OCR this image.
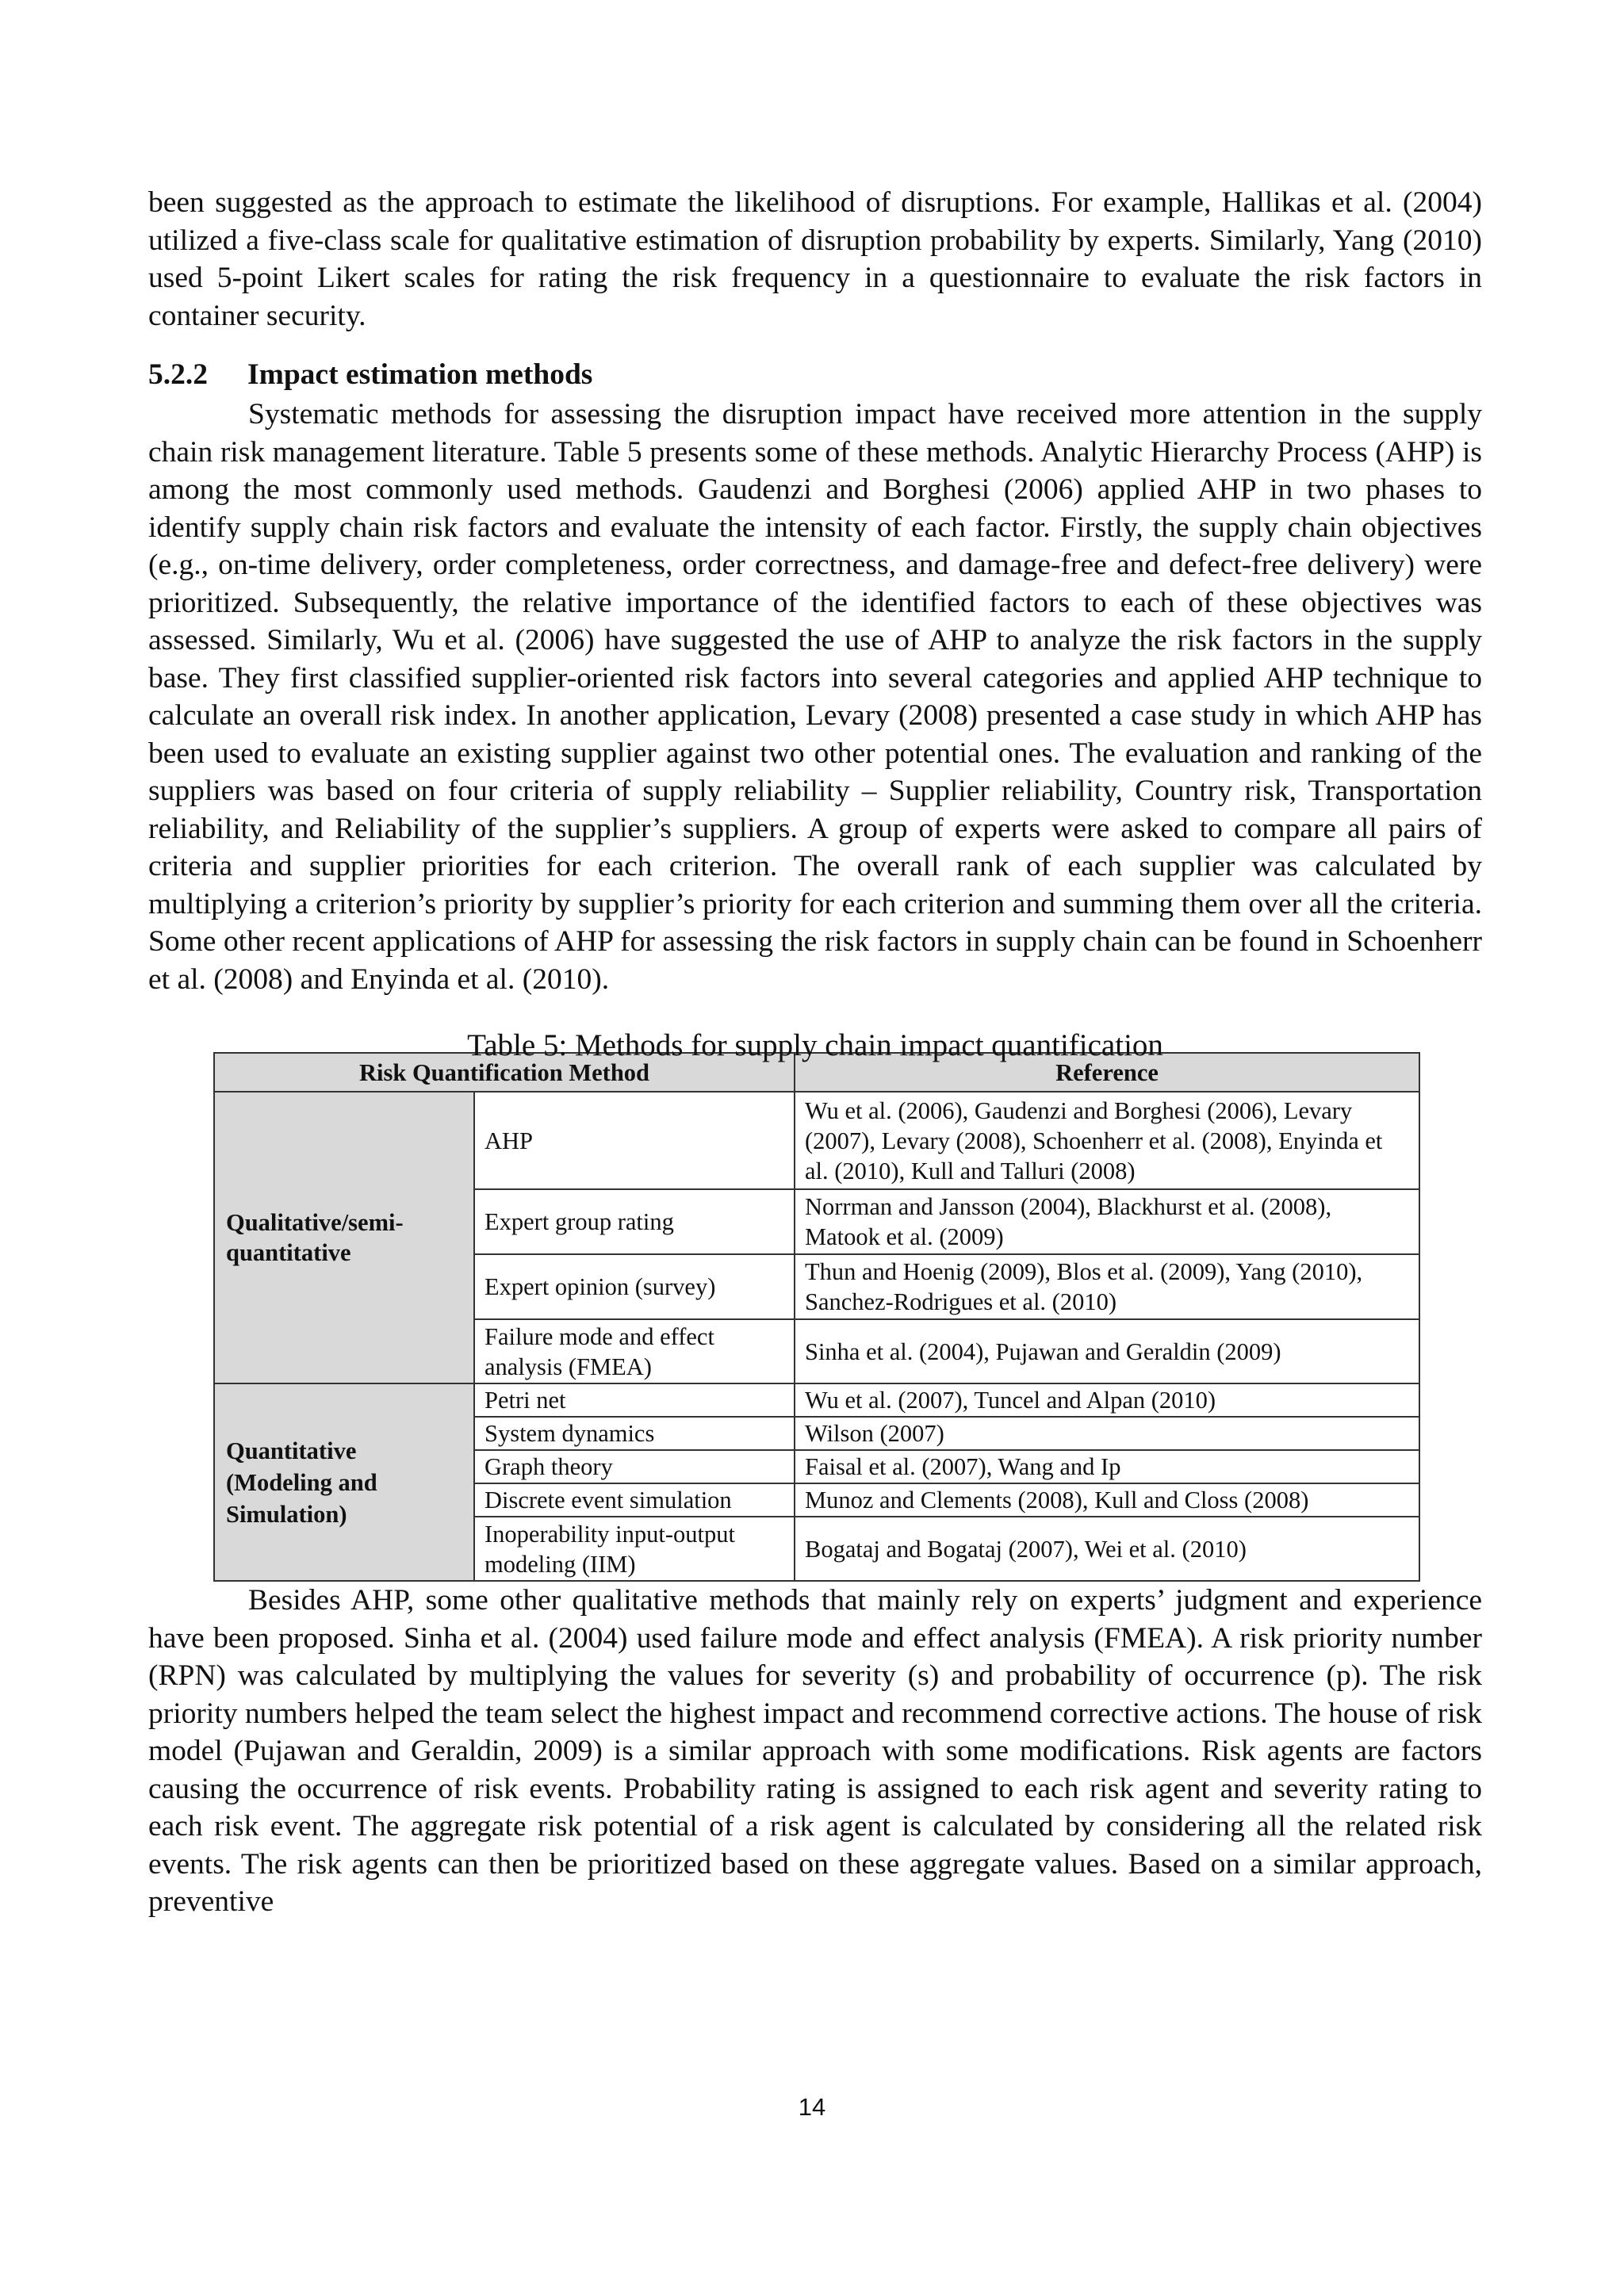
been suggested as the approach to estimate the likelihood of disruptions. For example, Hallikas et al. (2004) utilized a five-class scale for qualitative estimation of disruption probability by experts. Similarly, Yang (2010) used 5-point Likert scales for rating the risk frequency in a questionnaire to evaluate the risk factors in container security.

5.2.2 Impact estimation methods

Systematic methods for assessing the disruption impact have received more attention in the supply chain risk management literature. Table 5 presents some of these methods. Analytic Hierarchy Process (AHP) is among the most commonly used methods. Gaudenzi and Borghesi (2006) applied AHP in two phases to identify supply chain risk factors and evaluate the intensity of each factor. Firstly, the supply chain objectives (e.g., on-time delivery, order completeness, order correctness, and damage-free and defect-free delivery) were prioritized. Subsequently, the relative importance of the identified factors to each of these objectives was assessed. Similarly, Wu et al. (2006) have suggested the use of AHP to analyze the risk factors in the supply base. They first classified supplier-oriented risk factors into several categories and applied AHP technique to calculate an overall risk index. In another application, Levary (2008) presented a case study in which AHP has been used to evaluate an existing supplier against two other potential ones. The evaluation and ranking of the suppliers was based on four criteria of supply reliability – Supplier reliability, Country risk, Transportation reliability, and Reliability of the supplier’s suppliers. A group of experts were asked to compare all pairs of criteria and supplier priorities for each criterion. The overall rank of each supplier was calculated by multiplying a criterion’s priority by supplier’s priority for each criterion and summing them over all the criteria. Some other recent applications of AHP for assessing the risk factors in supply chain can be found in Schoenherr et al. (2008) and Enyinda et al. (2010).

Table 5: Methods for supply chain impact quantification
Risk Quantification Method		Reference
Qualitative/semi-quantitative	AHP	Wu et al. (2006), Gaudenzi and Borghesi (2006), Levary (2007), Levary (2008), Schoenherr et al. (2008), Enyinda et al. (2010), Kull and Talluri (2008)
	Expert group rating	Norrman and Jansson (2004), Blackhurst et al. (2008), Matook et al. (2009)
	Expert opinion (survey)	Thun and Hoenig (2009), Blos et al. (2009), Yang (2010), Sanchez-Rodrigues et al. (2010)
	Failure mode and effect analysis (FMEA)	Sinha et al. (2004), Pujawan and Geraldin (2009)
Quantitative (Modeling and Simulation)	Petri net	Wu et al. (2007), Tuncel and Alpan (2010)
	System dynamics	Wilson (2007)
	Graph theory	Faisal et al. (2007), Wang and Ip
	Discrete event simulation	Munoz and Clements (2008), Kull and Closs (2008)
	Inoperability input-output modeling (IIM)	Bogataj and Bogataj (2007), Wei et al. (2010)

Besides AHP, some other qualitative methods that mainly rely on experts’ judgment and experience have been proposed. Sinha et al. (2004) used failure mode and effect analysis (FMEA). A risk priority number (RPN) was calculated by multiplying the values for severity (s) and probability of occurrence (p). The risk priority numbers helped the team select the highest impact and recommend corrective actions. The house of risk model (Pujawan and Geraldin, 2009) is a similar approach with some modifications. Risk agents are factors causing the occurrence of risk events. Probability rating is assigned to each risk agent and severity rating to each risk event. The aggregate risk potential of a risk agent is calculated by considering all the related risk events. The risk agents can then be prioritized based on these aggregate values. Based on a similar approach, preventive

14
